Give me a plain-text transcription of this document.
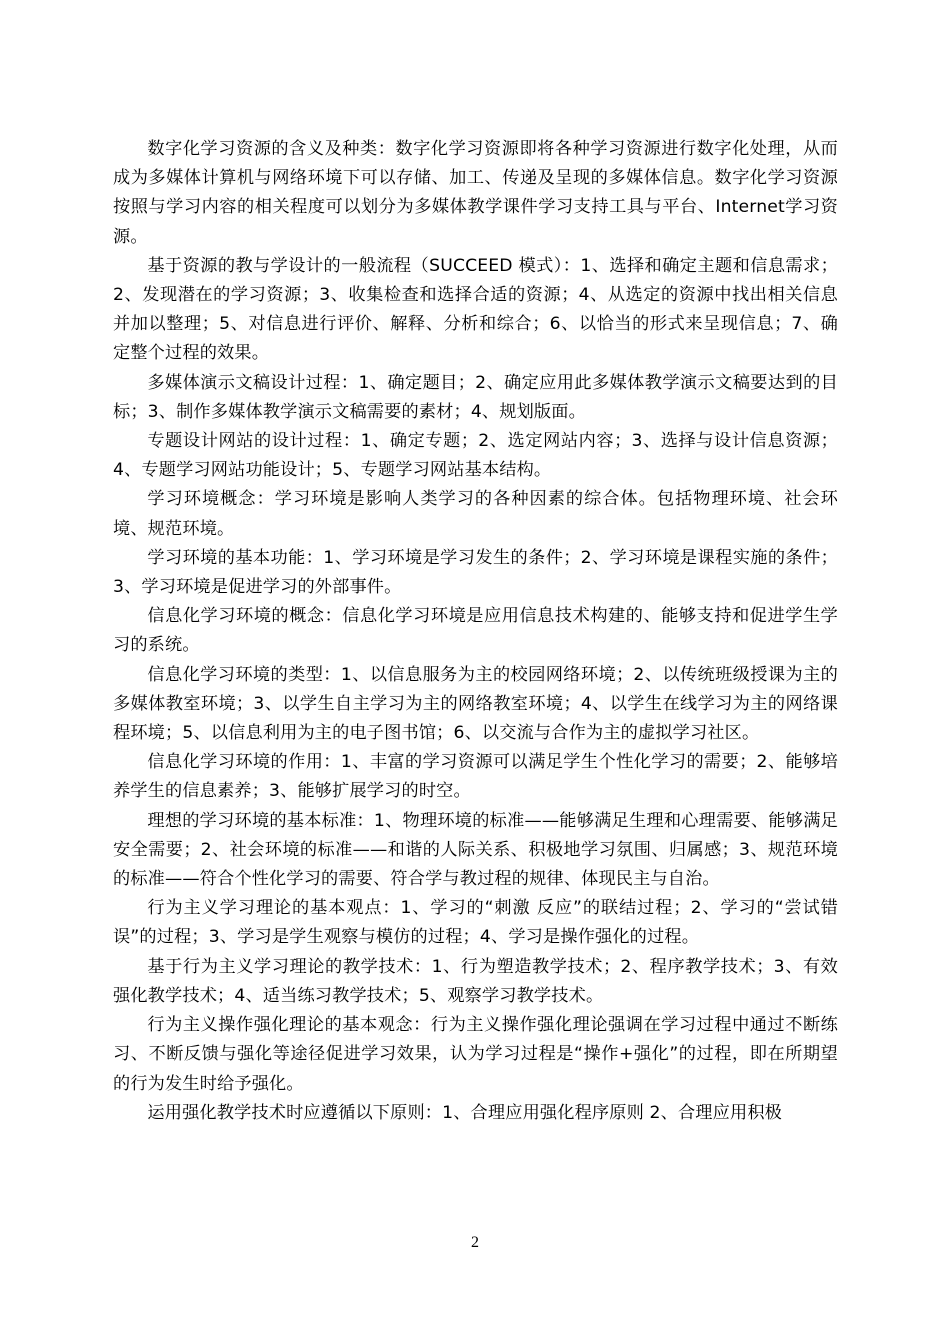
数字化学习资源的含义及种类：数字化学习资源即将各种学习资源进行数字化处理，从而成为多媒体计算机与网络环境下可以存储、加工、传递及呈现的多媒体信息。数字化学习资源按照与学习内容的相关程度可以划分为多媒体教学课件学习支持工具与平台、Internet学习资源。

基于资源的教与学设计的一般流程（SUCCEED 模式）：1、选择和确定主题和信息需求；2、发现潜在的学习资源；3、收集检查和选择合适的资源；4、从选定的资源中找出相关信息并加以整理；5、对信息进行评价、解释、分析和综合；6、以恰当的形式来呈现信息；7、确定整个过程的效果。

多媒体演示文稿设计过程：1、确定题目；2、确定应用此多媒体教学演示文稿要达到的目标；3、制作多媒体教学演示文稿需要的素材；4、规划版面。

专题设计网站的设计过程：1、确定专题；2、选定网站内容；3、选择与设计信息资源；4、专题学习网站功能设计；5、专题学习网站基本结构。

学习环境概念：学习环境是影响人类学习的各种因素的综合体。包括物理环境、社会环境、规范环境。

学习环境的基本功能：1、学习环境是学习发生的条件；2、学习环境是课程实施的条件；3、学习环境是促进学习的外部事件。

信息化学习环境的概念：信息化学习环境是应用信息技术构建的、能够支持和促进学生学习的系统。

信息化学习环境的类型：1、以信息服务为主的校园网络环境；2、以传统班级授课为主的多媒体教室环境；3、以学生自主学习为主的网络教室环境；4、以学生在线学习为主的网络课程环境；5、以信息利用为主的电子图书馆；6、以交流与合作为主的虚拟学习社区。

信息化学习环境的作用：1、丰富的学习资源可以满足学生个性化学习的需要；2、能够培养学生的信息素养；3、能够扩展学习的时空。

理想的学习环境的基本标准：1、物理环境的标准——能够满足生理和心理需要、能够满足安全需要；2、社会环境的标准——和谐的人际关系、积极地学习氛围、归属感；3、规范环境的标准——符合个性化学习的需要、符合学与教过程的规律、体现民主与自治。

行为主义学习理论的基本观点：1、学习的“刺激 反应”的联结过程；2、学习的“尝试错误”的过程；3、学习是学生观察与模仿的过程；4、学习是操作强化的过程。

基于行为主义学习理论的教学技术：1、行为塑造教学技术；2、程序教学技术；3、有效强化教学技术；4、适当练习教学技术；5、观察学习教学技术。

行为主义操作强化理论的基本观念：行为主义操作强化理论强调在学习过程中通过不断练习、不断反馈与强化等途径促进学习效果，认为学习过程是“操作+强化”的过程，即在所期望的行为发生时给予强化。

运用强化教学技术时应遵循以下原则：1、合理应用强化程序原则 2、合理应用积极

2
